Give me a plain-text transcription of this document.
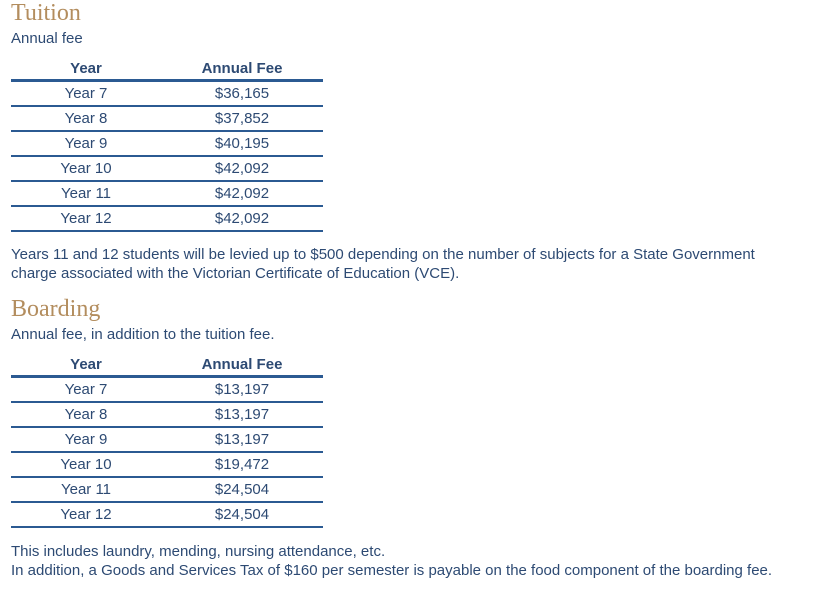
Tuition

Annual fee

Year	Annual Fee
Year 7	$36,165
Year 8	$37,852
Year 9	$40,195
Year 10	$42,092
Year 11	$42,092
Year 12	$42,092

Years 11 and 12 students will be levied up to $500 depending on the number of subjects for a State Government

charge associated with the Victorian Certificate of Education (VCE).

Boarding

Annual fee, in addition to the tuition fee.

Year	Annual Fee
Year 7	$13,197
Year 8	$13,197
Year 9	$13,197
Year 10	$19,472
Year 11	$24,504
Year 12	$24,504

This includes laundry, mending, nursing attendance, etc.

In addition, a Goods and Services Tax of $160 per semester is payable on the food component of the boarding fee.
